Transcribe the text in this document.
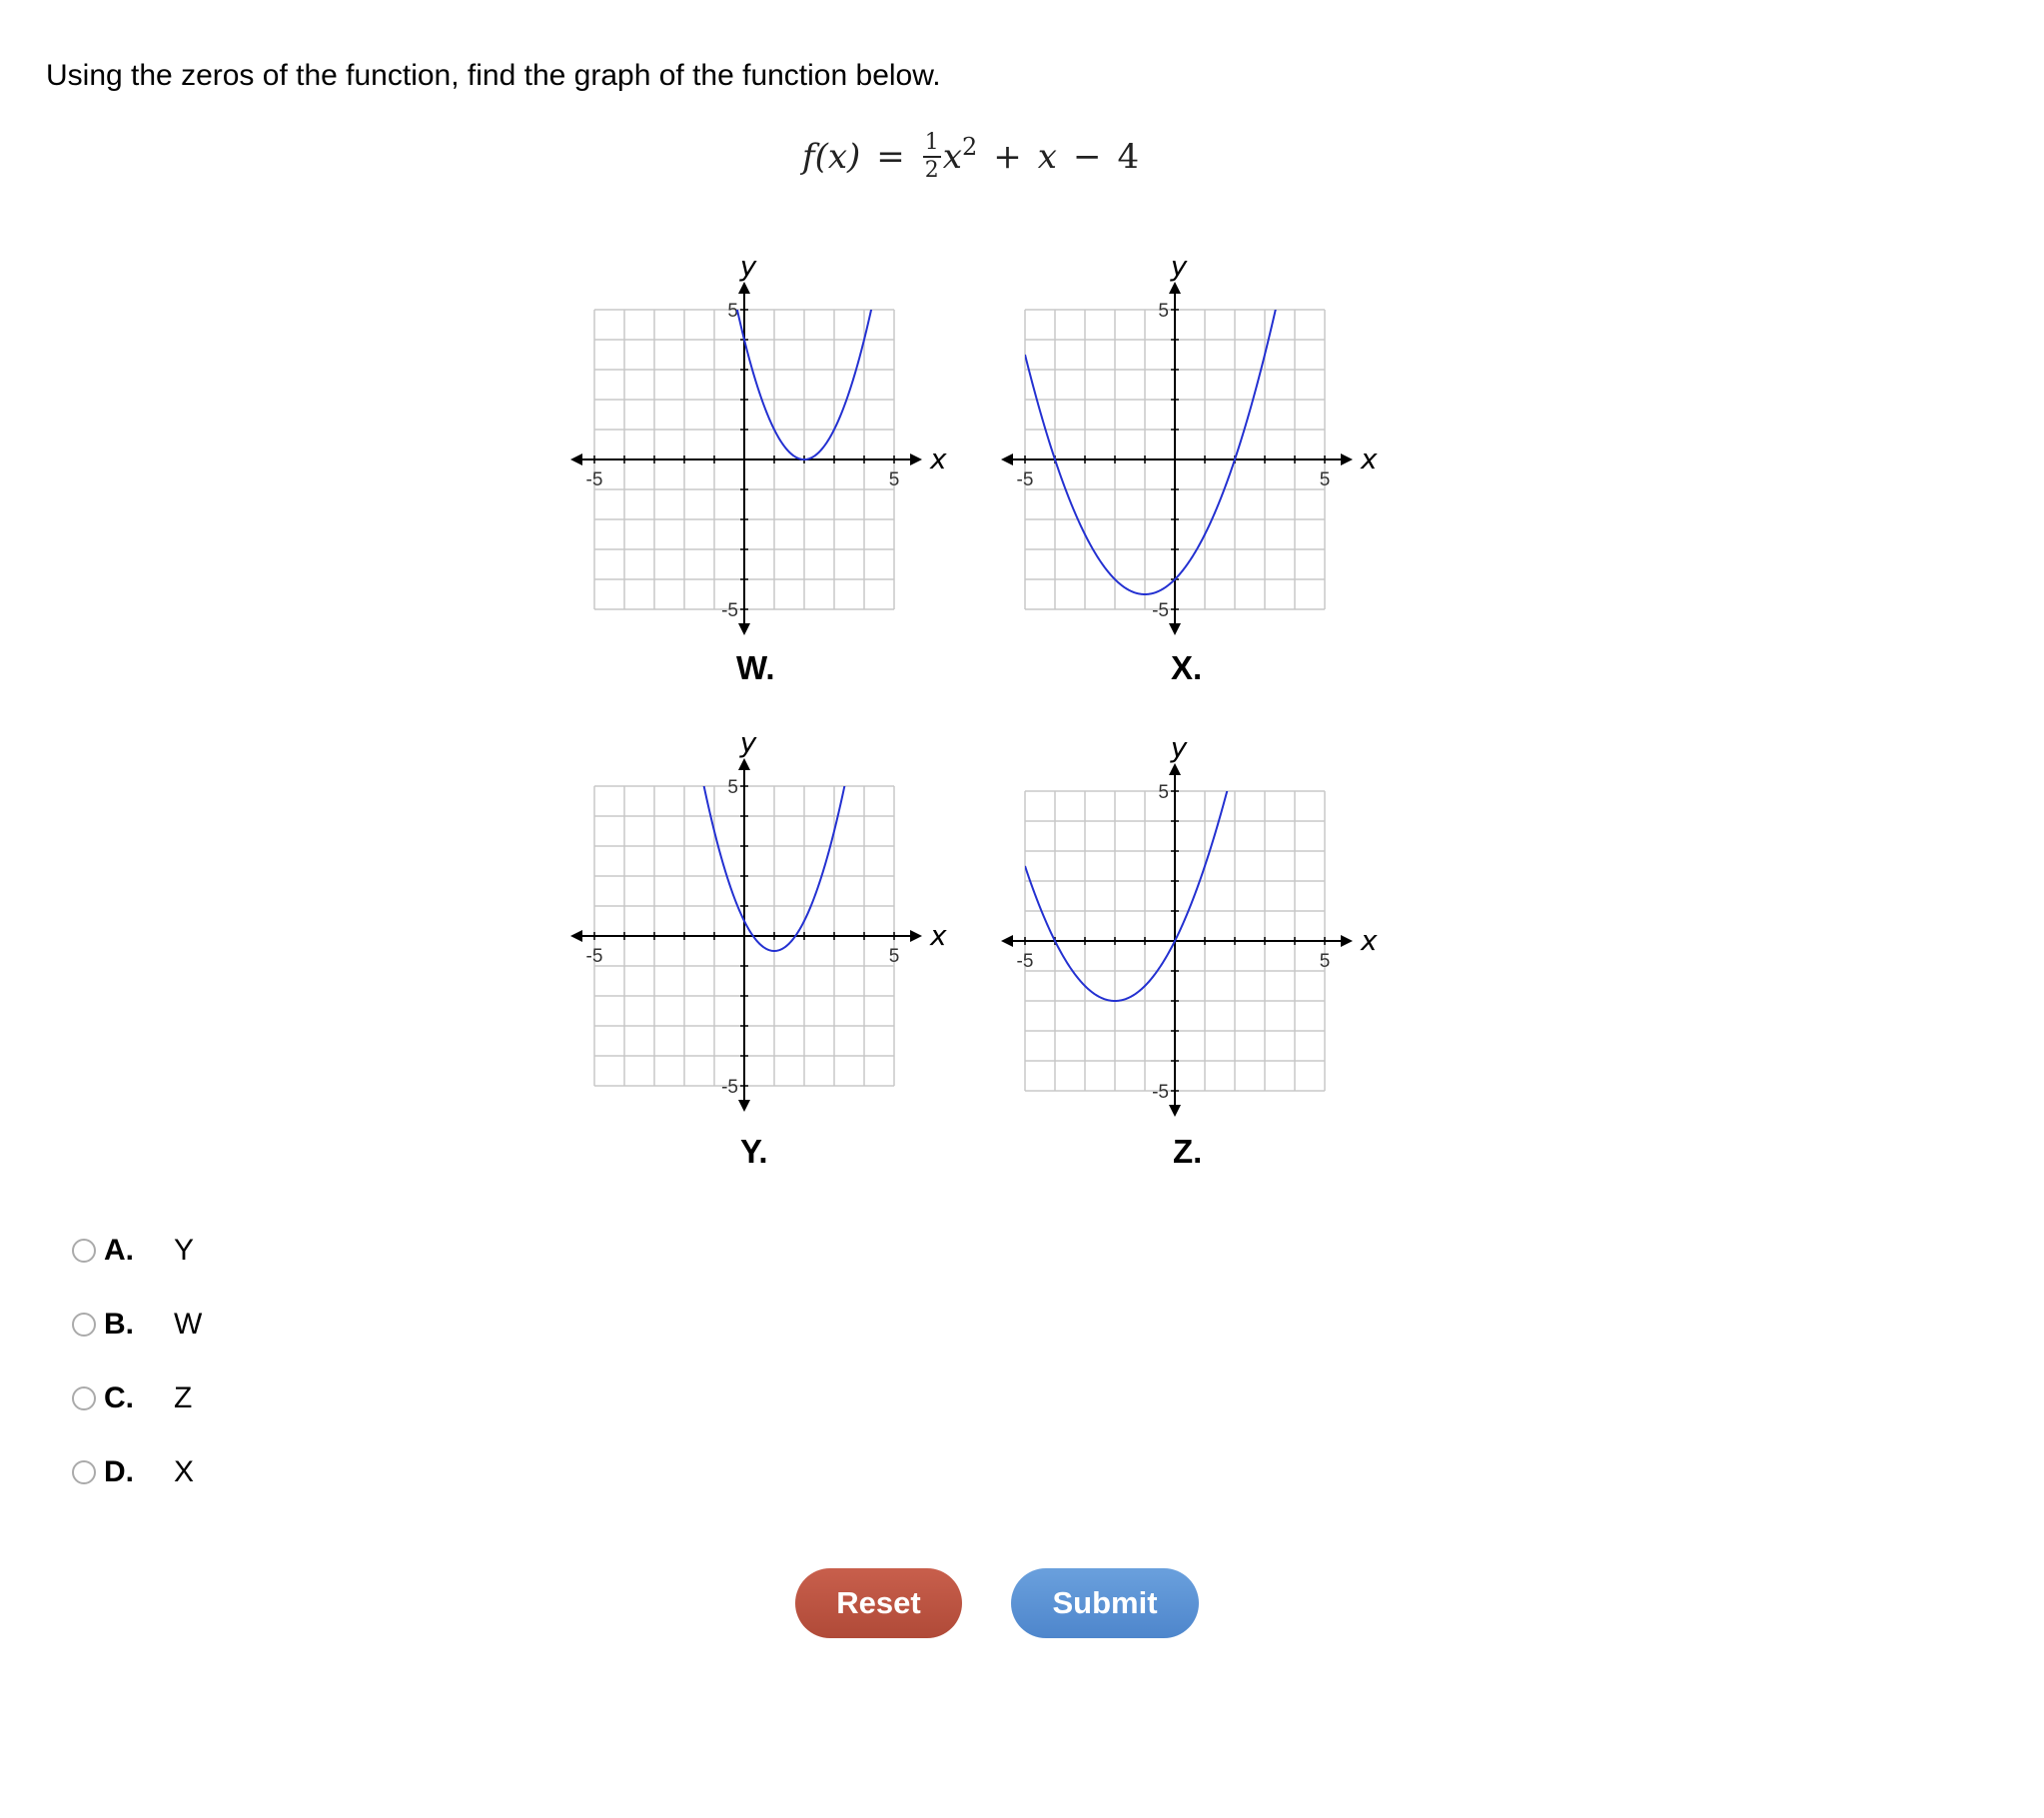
Using the zeros of the function, find the graph of the function below.
$f(x) = \frac{1}{2} x^2 + x - 4$
-5	5
5
-5
x
y
W.
-5	5
5
-5
x
y
X.
-5	5
5
-5
x
y
Y.
-5	5
5
-5
x
y
Z.
A.	Y
B.	W
C.	Z
D.	X
Reset	Submit
